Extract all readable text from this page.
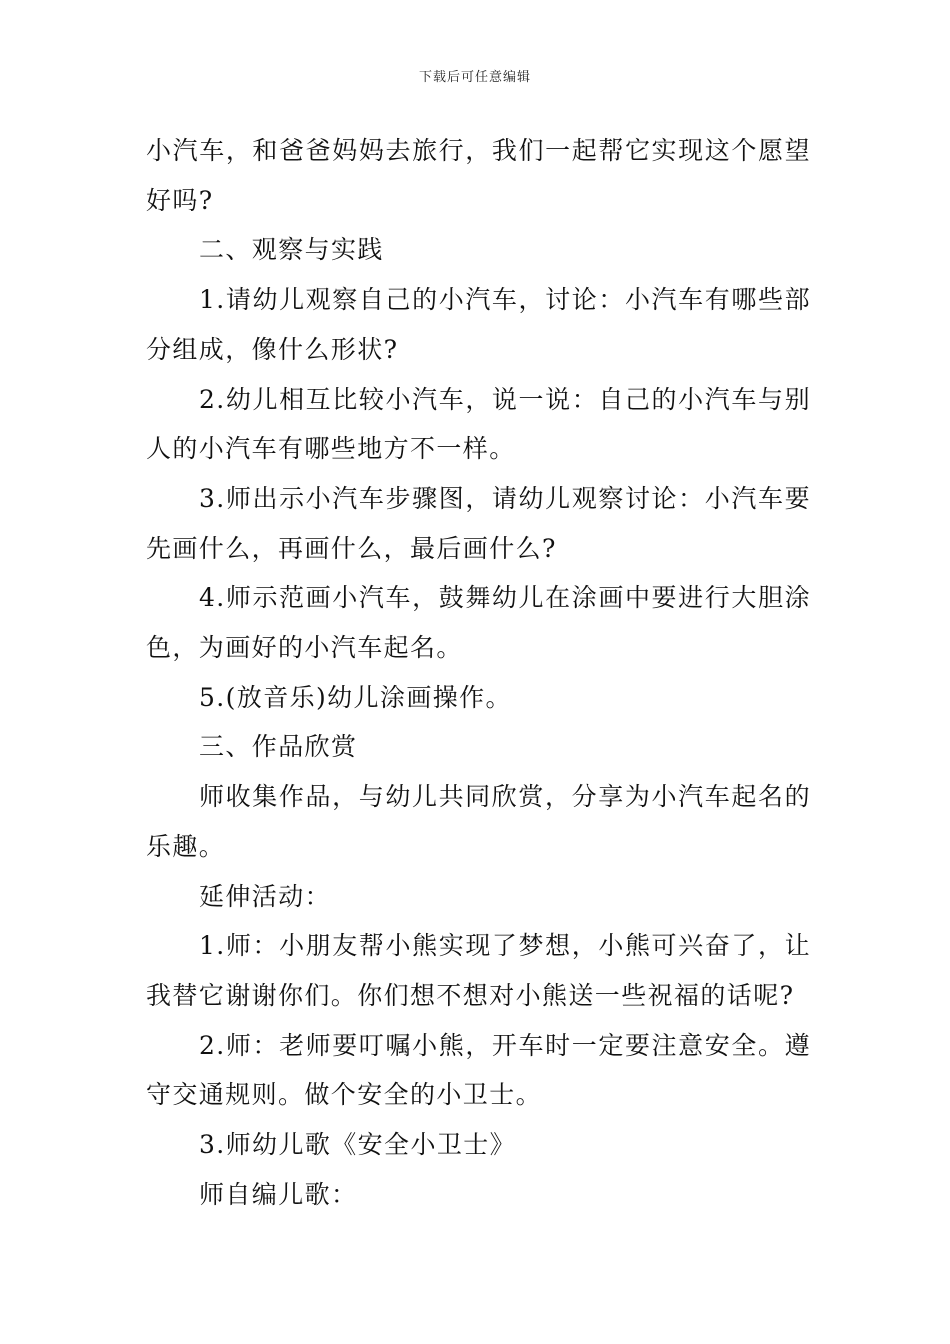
下载后可任意编辑

小汽车，和爸爸妈妈去旅行，我们一起帮它实现这个愿望好吗?

二、观察与实践

1.请幼儿观察自己的小汽车，讨论：小汽车有哪些部分组成，像什么形状?

2.幼儿相互比较小汽车，说一说：自己的小汽车与别人的小汽车有哪些地方不一样。

3.师出示小汽车步骤图，请幼儿观察讨论：小汽车要先画什么，再画什么，最后画什么?

4.师示范画小汽车，鼓舞幼儿在涂画中要进行大胆涂色，为画好的小汽车起名。

5.(放音乐)幼儿涂画操作。

三、作品欣赏

师收集作品，与幼儿共同欣赏，分享为小汽车起名的乐趣。

延伸活动：

1.师：小朋友帮小熊实现了梦想，小熊可兴奋了，让我替它谢谢你们。你们想不想对小熊送一些祝福的话呢?

2.师：老师要叮嘱小熊，开车时一定要注意安全。遵守交通规则。做个安全的小卫士。

3.师幼儿歌《安全小卫士》

师自编儿歌：
